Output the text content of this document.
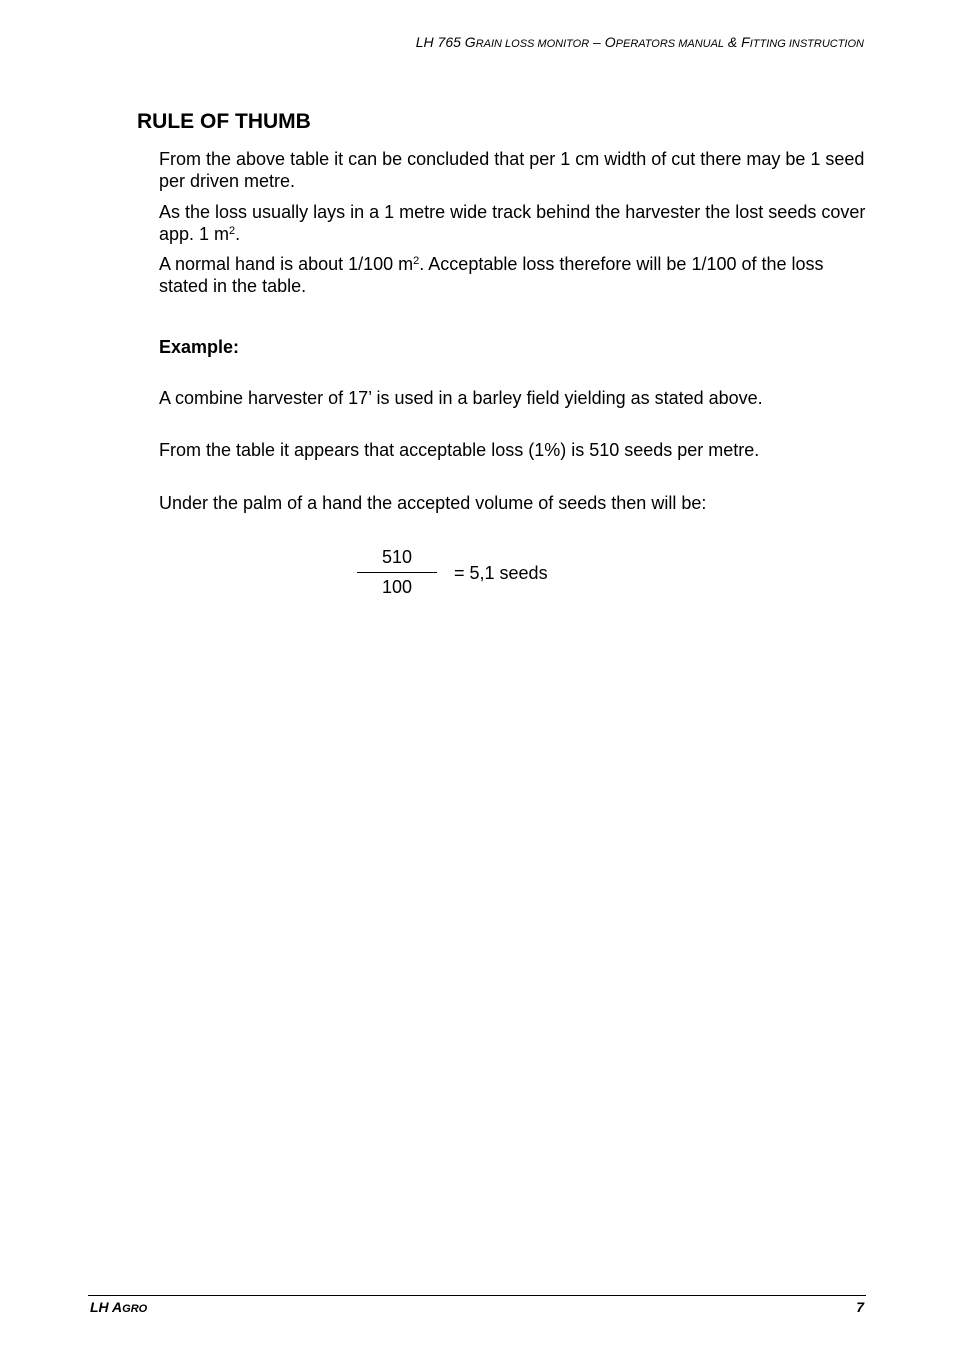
LH 765 GRAIN LOSS MONITOR – OPERATORS MANUAL & FITTING INSTRUCTION
RULE OF THUMB

From the above table it can be concluded that per 1 cm width of cut there may be 1 seed per driven metre.

As the loss usually lays in a 1 metre wide track behind the harvester the lost seeds cover app. 1 $m^2$.

A normal hand is about 1/100 $m^2$. Acceptable loss therefore will be 1/100 of the loss stated in the table.

Example:

A combine harvester of 17’ is used in a barley field yielding as stated above.

From the table it appears that acceptable loss (1%) is 510 seeds per metre.

Under the palm of a hand the accepted volume of seeds then will be:

510
100
= 5,1 seeds
LH AGRO	7
